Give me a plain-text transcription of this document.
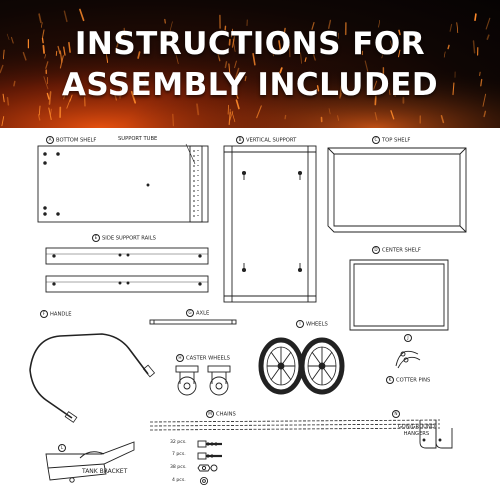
INSTRUCTIONS FOR
ASSEMBLY INCLUDED
A BOTTOM SHELF	SUPPORT TUBE	B VERTICAL SUPPORT	C TOP SHELF
D CENTER SHELF
E SIDE SUPPORT RAILS
F HANDLE	G AXLE
H CASTER WHEELS
I WHEELS
J
K COTTER PINS
M CHAINS	N
GUN/GROUND
HANGERS
L
TANK BRACKET
32 pcs.
7 pcs.
38 pcs.
4 pcs.
